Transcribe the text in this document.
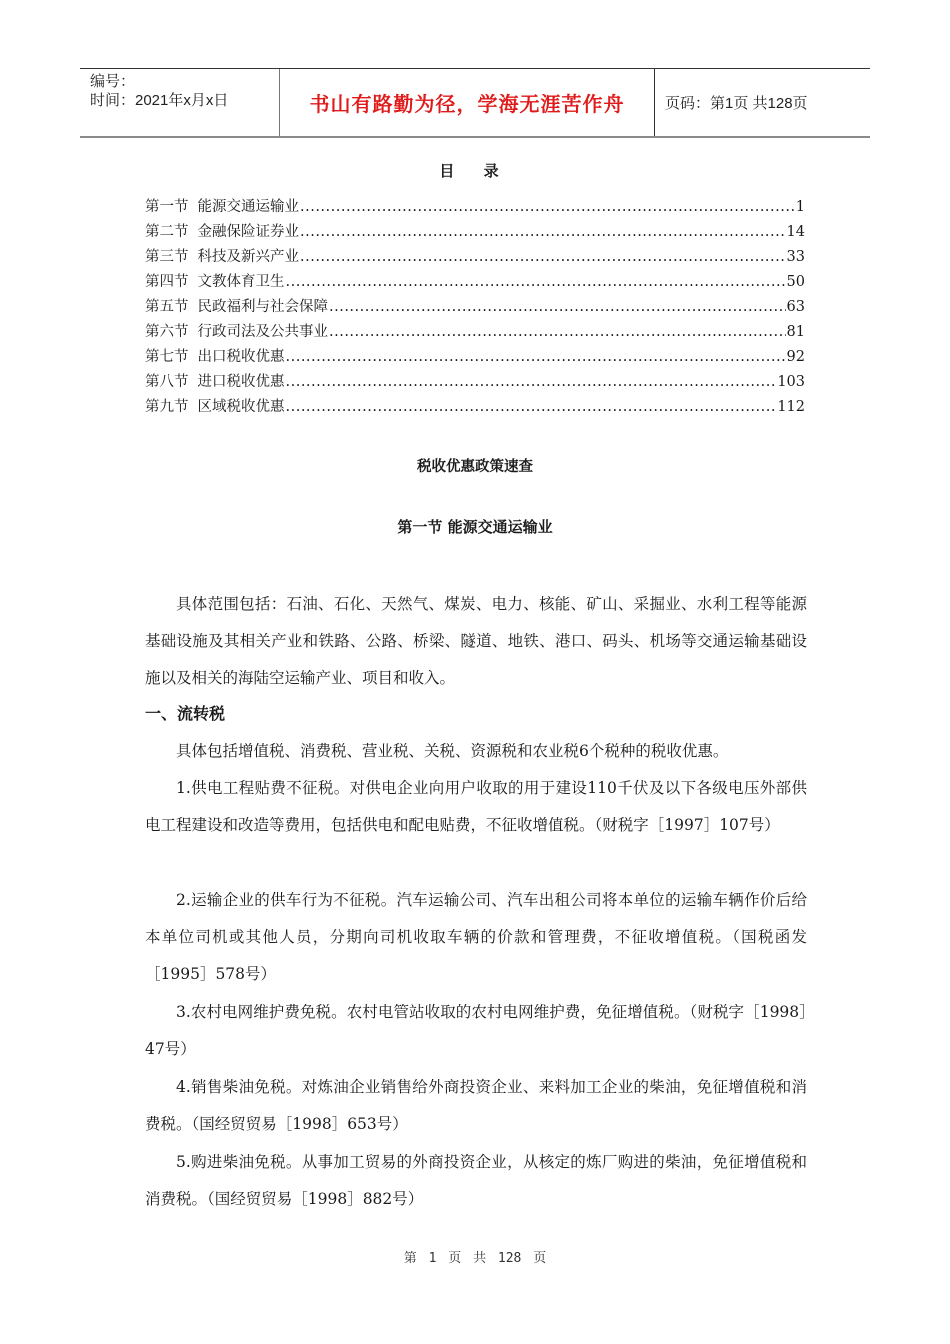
编号：
时间：2021年x月x日	书山有路勤为径，学海无涯苦作舟	页码：第1页 共128页
目 录
第一节 能源交通运输业 .....	1
第二节 金融保险证券业 .....	14
第三节 科技及新兴产业 .....	33
第四节 文教体育卫生 .....	50
第五节 民政福利与社会保障 .....	63
第六节 行政司法及公共事业 .....	81
第七节 出口税收优惠 .....	92
第八节 进口税收优惠 .....	103
第九节 区域税收优惠 .....	112
税收优惠政策速查
第一节 能源交通运输业

具体范围包括：石油、石化、天然气、煤炭、电力、核能、矿山、采掘业、水利工程等能源基础设施及其相关产业和铁路、公路、桥梁、隧道、地铁、港口、码头、机场等交通运输基础设施以及相关的海陆空运输产业、项目和收入。

一、流转税

具体包括增值税、消费税、营业税、关税、资源税和农业税6个税种的税收优惠。

1.供电工程贴费不征税。对供电企业向用户收取的用于建设110千伏及以下各级电压外部供电工程建设和改造等费用，包括供电和配电贴费，不征收增值税。（财税字［1997］107号）

2.运输企业的供车行为不征税。汽车运输公司、汽车出租公司将本单位的运输车辆作价后给本单位司机或其他人员，分期向司机收取车辆的价款和管理费，不征收增值税。（国税函发［1995］578号）

3.农村电网维护费免税。农村电管站收取的农村电网维护费，免征增值税。（财税字［1998］47号）

4.销售柴油免税。对炼油企业销售给外商投资企业、来料加工企业的柴油，免征增值税和消费税。（国经贸贸易［1998］653号）

5.购进柴油免税。从事加工贸易的外商投资企业，从核定的炼厂购进的柴油，免征增值税和消费税。（国经贸贸易［1998］882号）

第 1 页 共 128 页
